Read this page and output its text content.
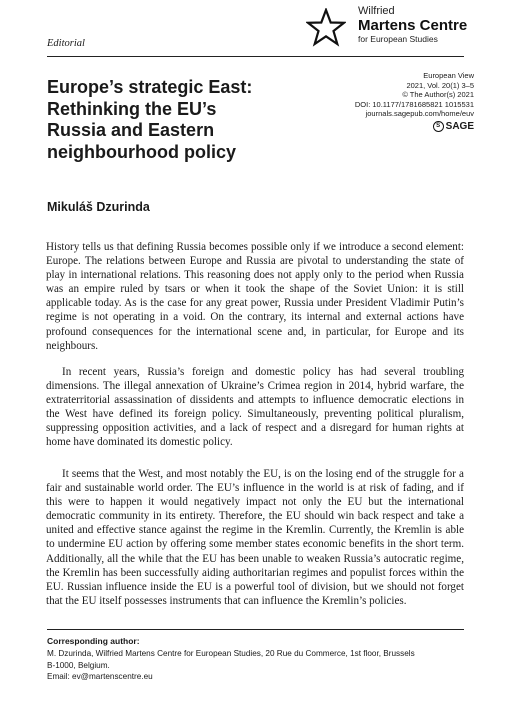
Editorial
Wilfried
Martens Centre
for European Studies
Europe’s strategic East:
Rethinking the EU’s
Russia and Eastern
neighbourhood policy
European View
2021, Vol. 20(1) 3–5
© The Author(s) 2021
DOI: 10.1177/1781685821 1015531
journals.sagepub.com/home/euv
S SAGE
Mikuláš Dzurinda

History tells us that defining Russia becomes possible only if we introduce a second element: Europe. The relations between Europe and Russia are pivotal to understanding the state of play in international relations. This reasoning does not apply only to the period when Russia was an empire ruled by tsars or when it took the shape of the Soviet Union: it is still applicable today. As is the case for any great power, Russia under President Vladimir Putin’s regime is not operating in a void. On the contrary, its internal and external actions have profound consequences for the international scene and, in particular, for Europe and its neighbours.

In recent years, Russia’s foreign and domestic policy has had several troubling dimensions. The illegal annexation of Ukraine’s Crimea region in 2014, hybrid warfare, the extraterritorial assassination of dissidents and attempts to influence democratic elections in the West have defined its foreign policy. Simultaneously, preventing political pluralism, suppressing opposition activities, and a lack of respect and a disregard for human rights at home have dominated its domestic policy.

It seems that the West, and most notably the EU, is on the losing end of the struggle for a fair and sustainable world order. The EU’s influence in the world is at risk of fading, and if this were to happen it would negatively impact not only the EU but the international democratic community in its entirety. Therefore, the EU should win back respect and take a united and effective stance against the regime in the Kremlin. Currently, the Kremlin is able to undermine EU action by offering some member states economic benefits in the short term. Additionally, all the while that the EU has been unable to weaken Russia’s autocratic regime, the Kremlin has been successfully aiding authoritarian regimes and populist forces within the EU. Russian influence inside the EU is a powerful tool of division, but we should not forget that the EU itself possesses instruments that can influence the Kremlin’s policies.

Corresponding author:
M. Dzurinda, Wilfried Martens Centre for European Studies, 20 Rue du Commerce, 1st floor, Brussels
B-1000, Belgium.
Email: ev@martenscentre.eu
